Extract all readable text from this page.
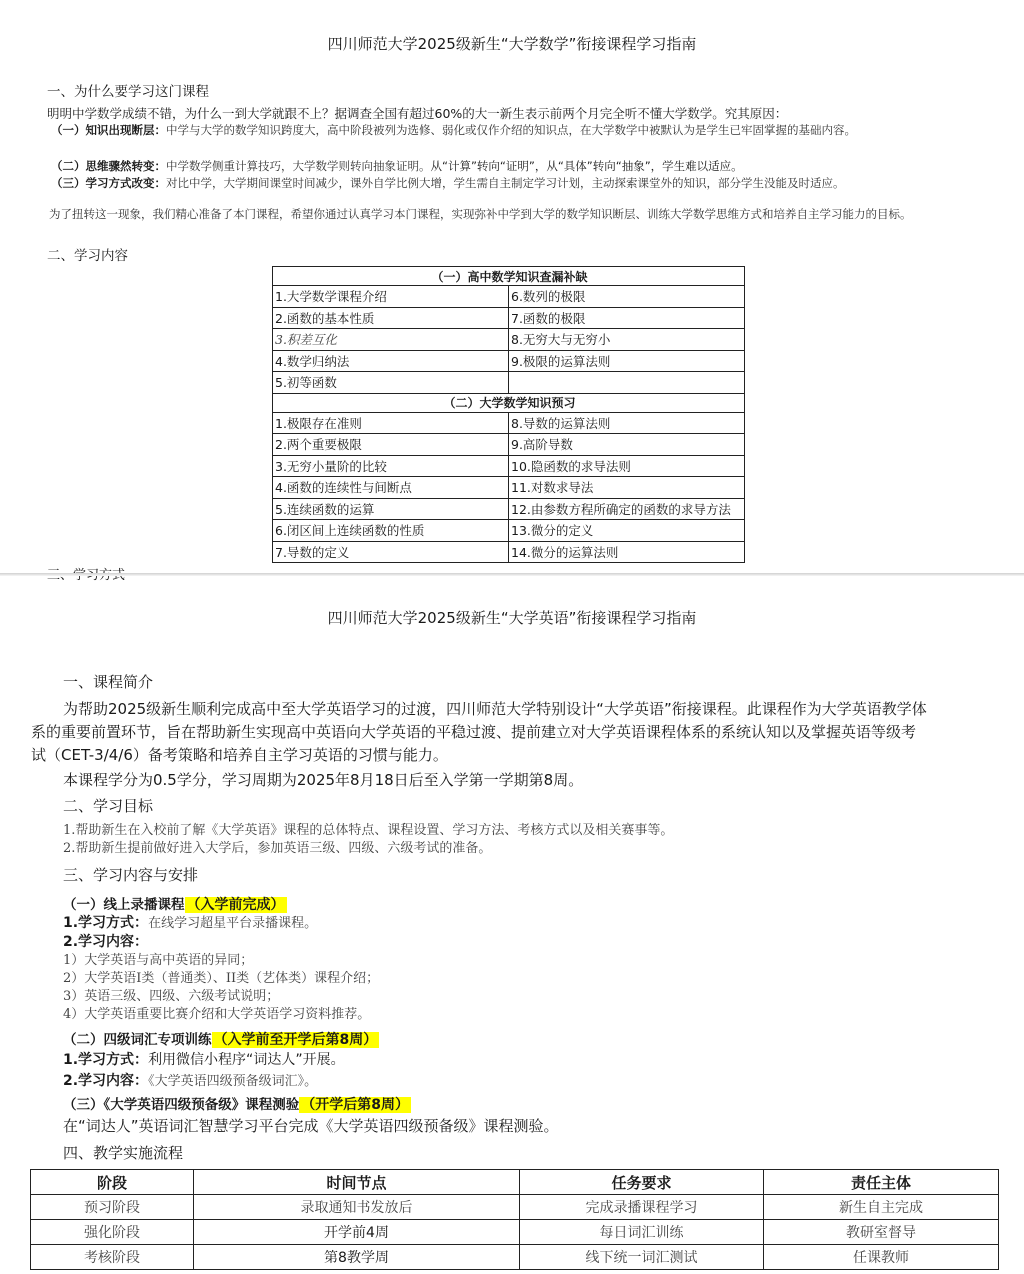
四川师范大学2025级新生“大学数学”衔接课程学习指南
一、为什么要学习这门课程
明明中学数学成绩不错，为什么一到大学就跟不上？据调查全国有超过60%的大一新生表示前两个月完全听不懂大学数学。究其原因：
（一）知识出现断层：中学与大学的数学知识跨度大，高中阶段被列为选修、弱化或仅作介绍的知识点，在大学数学中被默认为是学生已牢固掌握的基础内容。
（二）思维骤然转变：中学数学侧重计算技巧，大学数学则转向抽象证明。从“计算”转向“证明”，从“具体”转向“抽象”，学生难以适应。
（三）学习方式改变：对比中学，大学期间课堂时间减少，课外自学比例大增，学生需自主制定学习计划，主动探索课堂外的知识，部分学生没能及时适应。
为了扭转这一现象，我们精心准备了本门课程，希望你通过认真学习本门课程，实现弥补中学到大学的数学知识断层、训练大学数学思维方式和培养自主学习能力的目标。
二、学习内容
（一）高中数学知识查漏补缺	
1.大学数学课程介绍	6.数列的极限
2.函数的基本性质	7.函数的极限
3.积差互化	8.无穷大与无穷小
4.数学归纳法	9.极限的运算法则
5.初等函数	
（二）大学数学知识预习	
1.极限存在准则	8.导数的运算法则
2.两个重要极限	9.高阶导数
3.无穷小量阶的比较	10.隐函数的求导法则
4.函数的连续性与间断点	11.对数求导法
5.连续函数的运算	12.由参数方程所确定的函数的求导方法
6.闭区间上连续函数的性质	13.微分的定义
7.导数的定义	14.微分的运算法则
四川师范大学2025级新生“大学英语”衔接课程学习指南
一、课程简介
为帮助2025级新生顺利完成高中至大学英语学习的过渡，四川师范大学特别设计“大学英语”衔接课程。此课程作为大学英语教学体
系的重要前置环节，旨在帮助新生实现高中英语向大学英语的平稳过渡、提前建立对大学英语课程体系的系统认知以及掌握英语等级考
试（CET-3/4/6）备考策略和培养自主学习英语的习惯与能力。
本课程学分为0.5学分，学习周期为2025年8月18日后至入学第一学期第8周。
二、学习目标
1.帮助新生在入校前了解《大学英语》课程的总体特点、课程设置、学习方法、考核方式以及相关赛事等。
2.帮助新生提前做好进入大学后，参加英语三级、四级、六级考试的准备。
三、学习内容与安排
（一）线上录播课程 （入学前完成）
1.学习方式：在线学习超星平台录播课程。
2.学习内容：
1）大学英语与高中英语的异同；
2）大学英语I类（普通类）、II类（艺体类）课程介绍；
3）英语三级、四级、六级考试说明；
4）大学英语重要比赛介绍和大学英语学习资料推荐。
（二）四级词汇专项训练 （入学前至开学后第8周）
1.学习方式：利用微信小程序“词达人”开展。
2.学习内容：《大学英语四级预备级词汇》。
（三）《大学英语四级预备级》课程测验 （开学后第8周）
在“词达人”英语词汇智慧学习平台完成《大学英语四级预备级》课程测验。
四、教学实施流程
阶段	时间节点	任务要求	责任主体
预习阶段	录取通知书发放后	完成录播课程学习	新生自主完成
强化阶段	开学前4周	每日词汇训练	教研室督导
考核阶段	第8教学周	线下统一词汇测试	任课教师
